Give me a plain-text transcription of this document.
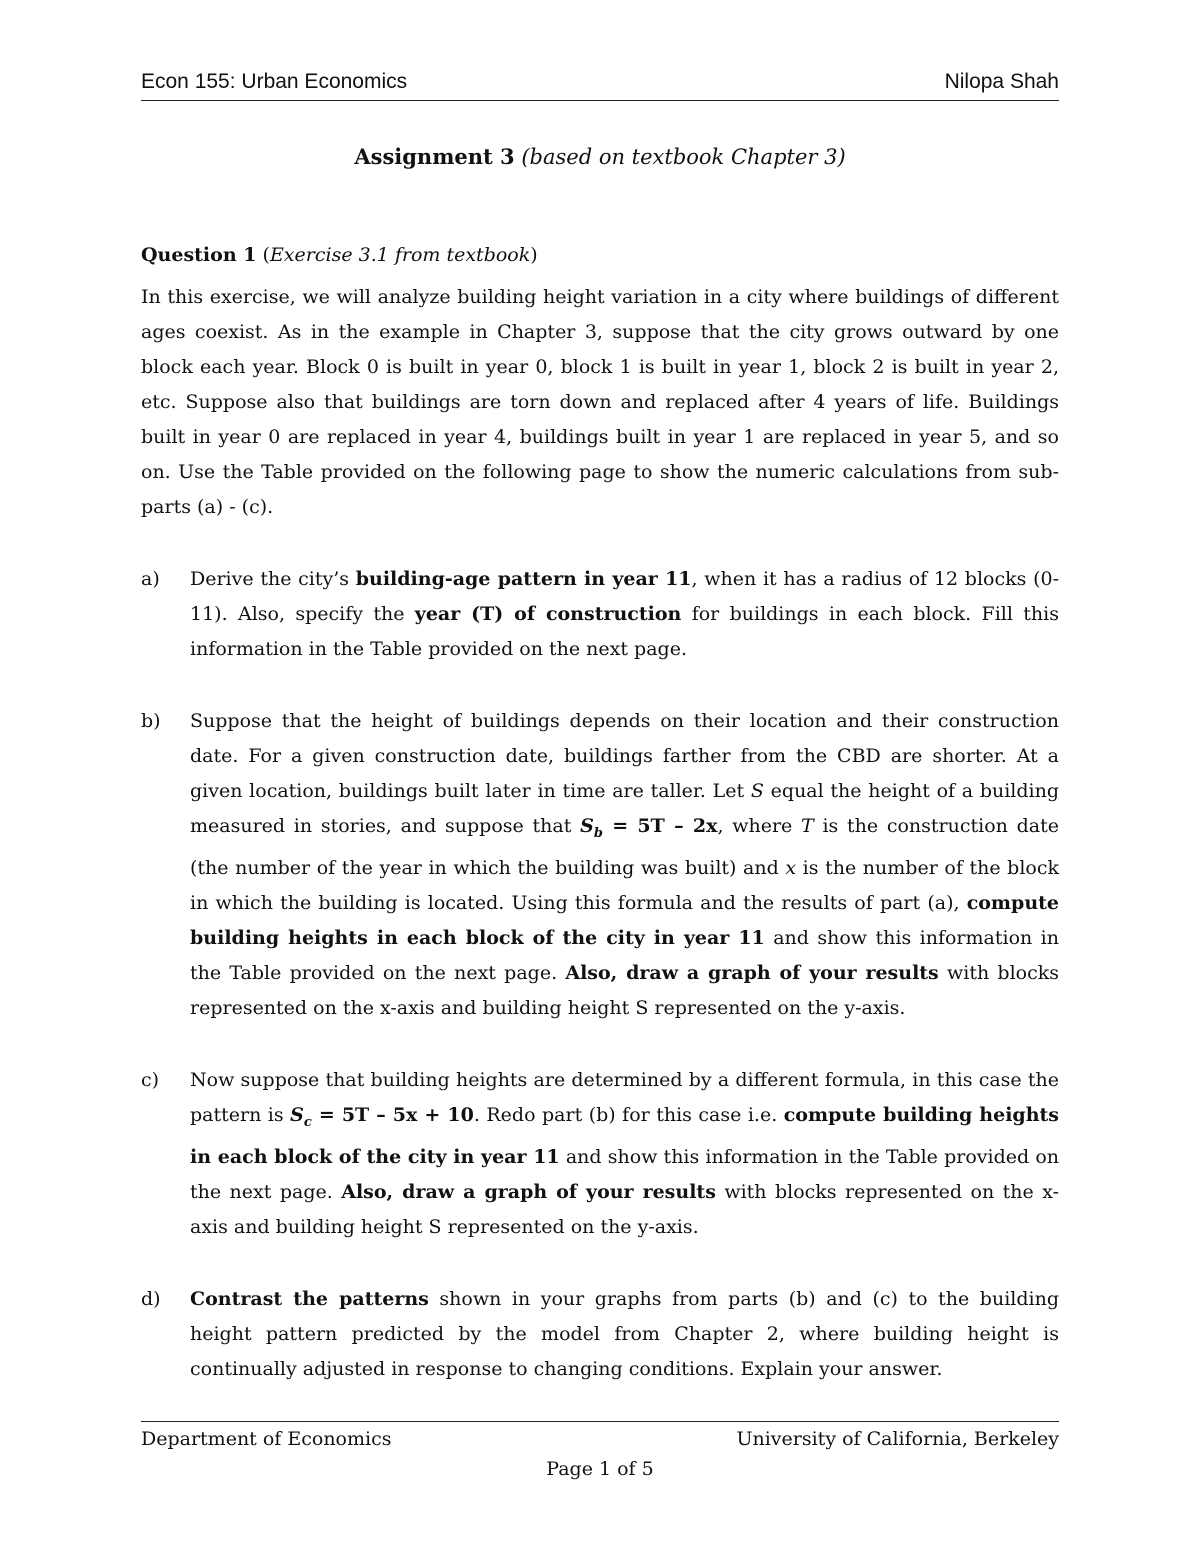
Econ 155: Urban Economics	Nilopa Shah
Assignment 3 (based on textbook Chapter 3)
Question 1 (Exercise 3.1 from textbook)

In this exercise, we will analyze building height variation in a city where buildings of different ages coexist. As in the example in Chapter 3, suppose that the city grows outward by one block each year. Block 0 is built in year 0, block 1 is built in year 1, block 2 is built in year 2, etc. Suppose also that buildings are torn down and replaced after 4 years of life. Buildings built in year 0 are replaced in year 4, buildings built in year 1 are replaced in year 5, and so on. Use the Table provided on the following page to show the numeric calculations from sub-parts (a) - (c).

a) Derive the city’s building-age pattern in year 11, when it has a radius of 12 blocks (0-11). Also, specify the year (T) of construction for buildings in each block. Fill this information in the Table provided on the next page.
b) Suppose that the height of buildings depends on their location and their construction date. For a given construction date, buildings farther from the CBD are shorter. At a given location, buildings built later in time are taller. Let S equal the height of a building measured in stories, and suppose that $S_b = 5T - 2x$, where T is the construction date (the number of the year in which the building was built) and x is the number of the block in which the building is located. Using this formula and the results of part (a), compute building heights in each block of the city in year 11 and show this information in the Table provided on the next page. Also, draw a graph of your results with blocks represented on the x-axis and building height S represented on the y-axis.
c) Now suppose that building heights are determined by a different formula, in this case the pattern is $S_c = 5T - 5x + 10$. Redo part (b) for this case i.e. compute building heights in each block of the city in year 11 and show this information in the Table provided on the next page. Also, draw a graph of your results with blocks represented on the x-axis and building height S represented on the y-axis.
d) Contrast the patterns shown in your graphs from parts (b) and (c) to the building height pattern predicted by the model from Chapter 2, where building height is continually adjusted in response to changing conditions. Explain your answer.
Department of Economics	University of California, Berkeley
Page 1 of 5
